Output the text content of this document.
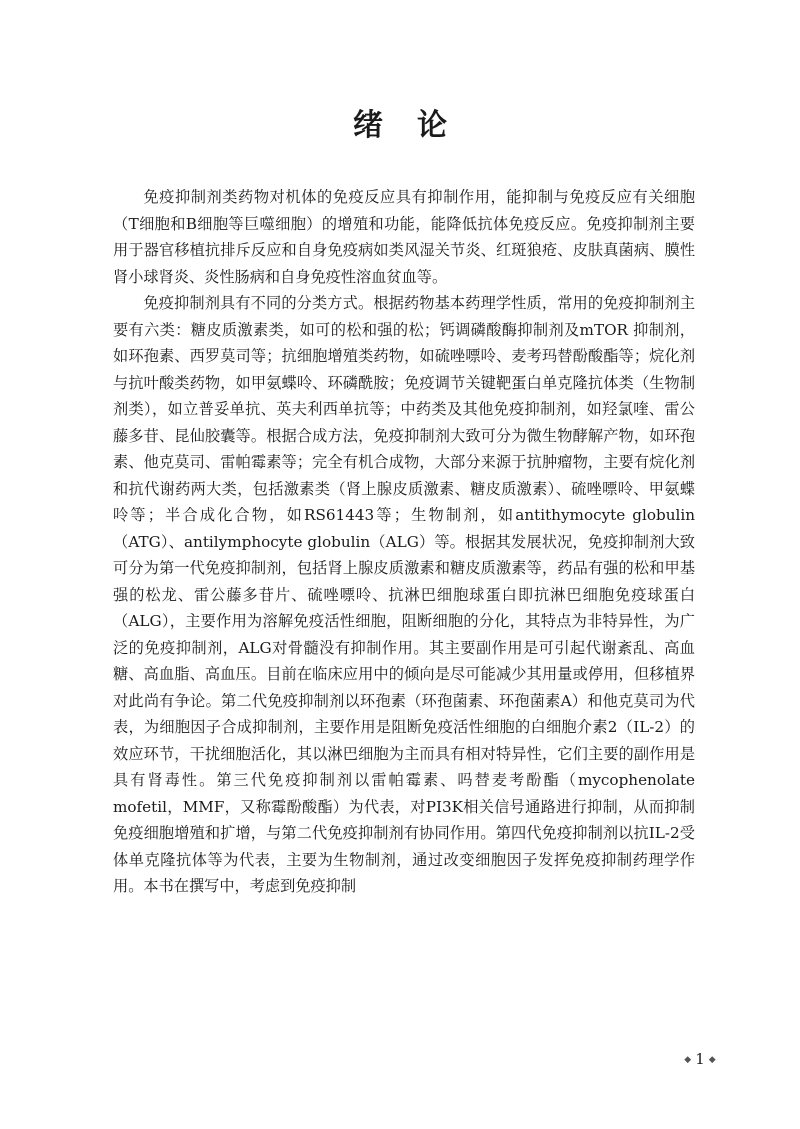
绪论

免疫抑制剂类药物对机体的免疫反应具有抑制作用，能抑制与免疫反应有关细胞（T细胞和B细胞等巨噬细胞）的增殖和功能，能降低抗体免疫反应。免疫抑制剂主要用于器官移植抗排斥反应和自身免疫病如类风湿关节炎、红斑狼疮、皮肤真菌病、膜性肾小球肾炎、炎性肠病和自身免疫性溶血贫血等。

免疫抑制剂具有不同的分类方式。根据药物基本药理学性质，常用的免疫抑制剂主要有六类：糖皮质激素类，如可的松和强的松；钙调磷酸酶抑制剂及mTOR 抑制剂，如环孢素、西罗莫司等；抗细胞增殖类药物，如硫唑嘌呤、麦考玛替酚酸酯等；烷化剂与抗叶酸类药物，如甲氨蝶呤、环磷酰胺；免疫调节关键靶蛋白单克隆抗体类（生物制剂类），如立普妥单抗、英夫利西单抗等；中药类及其他免疫抑制剂，如羟氯喹、雷公藤多苷、昆仙胶囊等。根据合成方法，免疫抑制剂大致可分为微生物酵解产物，如环孢素、他克莫司、雷帕霉素等；完全有机合成物，大部分来源于抗肿瘤物，主要有烷化剂和抗代谢药两大类，包括激素类（肾上腺皮质激素、糖皮质激素）、硫唑嘌呤、甲氨蝶呤等；半合成化合物，如RS61443等；生物制剂，如antithymocyte globulin（ATG）、antilymphocyte globulin（ALG）等。根据其发展状况，免疫抑制剂大致可分为第一代免疫抑制剂，包括肾上腺皮质激素和糖皮质激素等，药品有强的松和甲基强的松龙、雷公藤多苷片、硫唑嘌呤、抗淋巴细胞球蛋白即抗淋巴细胞免疫球蛋白（ALG），主要作用为溶解免疫活性细胞，阻断细胞的分化，其特点为非特异性，为广泛的免疫抑制剂，ALG对骨髓没有抑制作用。其主要副作用是可引起代谢紊乱、高血糖、高血脂、高血压。目前在临床应用中的倾向是尽可能减少其用量或停用，但移植界对此尚有争论。第二代免疫抑制剂以环孢素（环孢菌素、环孢菌素A）和他克莫司为代表，为细胞因子合成抑制剂，主要作用是阻断免疫活性细胞的白细胞介素2（IL-2）的效应环节，干扰细胞活化，其以淋巴细胞为主而具有相对特异性，它们主要的副作用是具有肾毒性。第三代免疫抑制剂以雷帕霉素、吗替麦考酚酯（mycophenolate mofetil，MMF，又称霉酚酸酯）为代表，对PI3K相关信号通路进行抑制，从而抑制免疫细胞增殖和扩增，与第二代免疫抑制剂有协同作用。第四代免疫抑制剂以抗IL-2受体单克隆抗体等为代表，主要为生物制剂，通过改变细胞因子发挥免疫抑制药理学作用。本书在撰写中，考虑到免疫抑制

◆ 1 ◆
